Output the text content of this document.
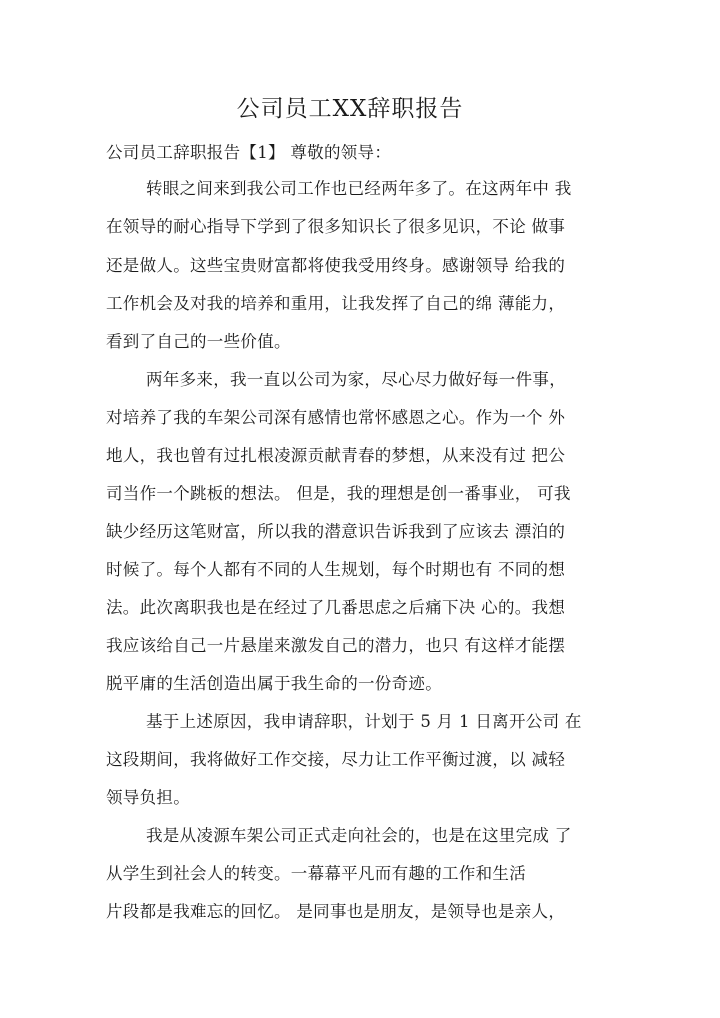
公司员工XX辞职报告
公司员工辞职报告【1】 尊敬的领导：
转眼之间来到我公司工作也已经两年多了。在这两年中 我
在领导的耐心指导下学到了很多知识长了很多见识，不论 做事
还是做人。这些宝贵财富都将使我受用终身。感谢领导 给我的
工作机会及对我的培养和重用，让我发挥了自己的绵 薄能力，
看到了自己的一些价值。
两年多来，我一直以公司为家，尽心尽力做好每一件事，
对培养了我的车架公司深有感情也常怀感恩之心。作为一个 外
地人，我也曾有过扎根凌源贡献青春的梦想，从来没有过 把公
司当作一个跳板的想法。 但是，我的理想是创一番事业， 可我
缺少经历这笔财富，所以我的潜意识告诉我到了应该去 漂泊的
时候了。每个人都有不同的人生规划，每个时期也有 不同的想
法。此次离职我也是在经过了几番思虑之后痛下决 心的。我想
我应该给自己一片悬崖来激发自己的潜力，也只 有这样才能摆
脱平庸的生活创造出属于我生命的一份奇迹。
基于上述原因，我申请辞职，计划于 5 月 1 日离开公司 在
这段期间，我将做好工作交接，尽力让工作平衡过渡，以 减轻
领导负担。
我是从凌源车架公司正式走向社会的，也是在这里完成 了
从学生到社会人的转变。一幕幕平凡而有趣的工作和生活
片段都是我难忘的回忆。 是同事也是朋友，是领导也是亲人，
